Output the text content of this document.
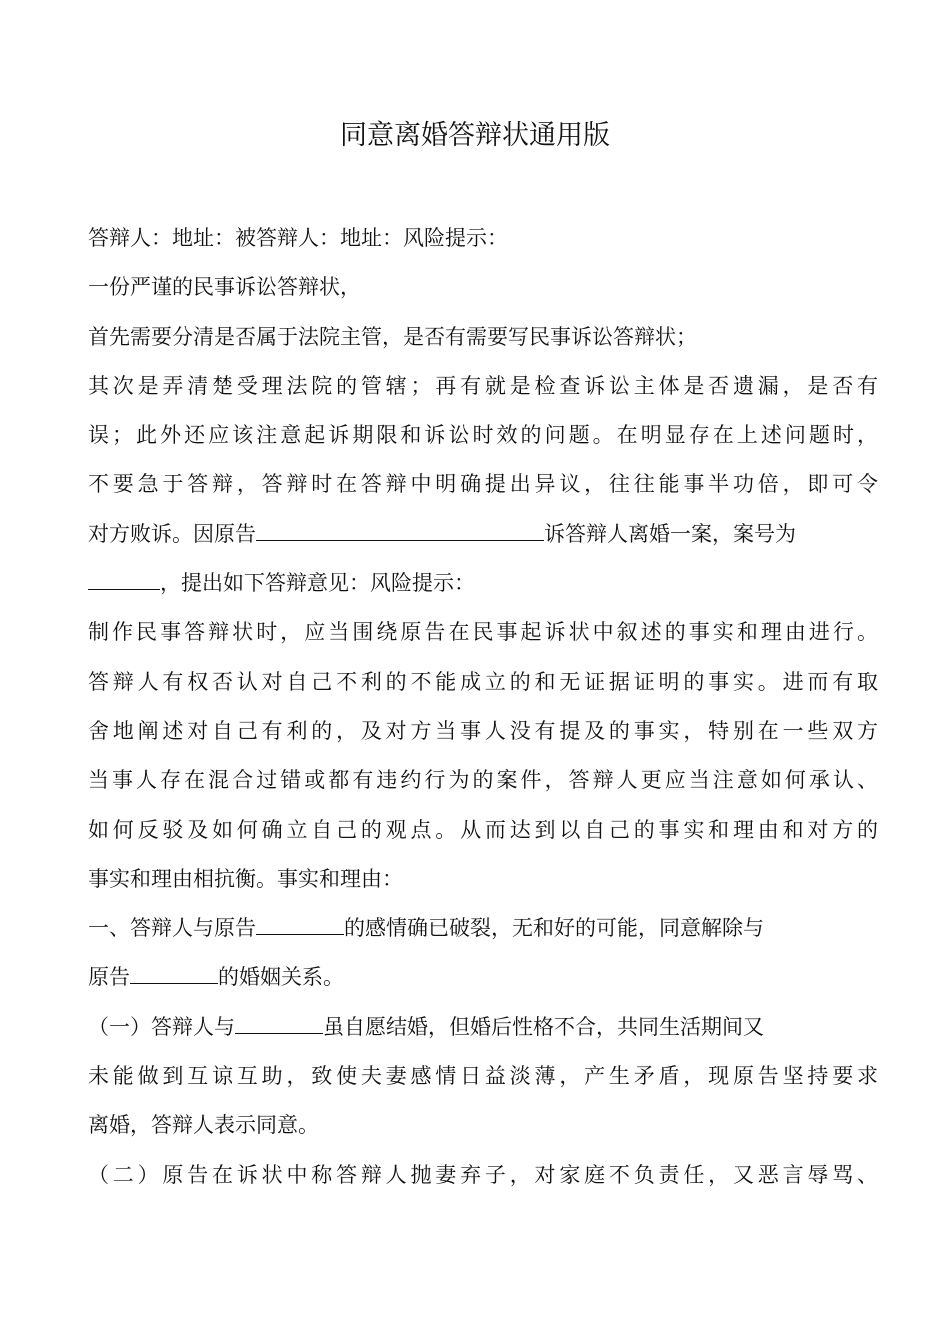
同意离婚答辩状通用版
答辩人：地址：被答辩人：地址：风险提示：
一份严谨的民事诉讼答辩状，
首先需要分清是否属于法院主管，是否有需要写民事诉讼答辩状；
其次是弄清楚受理法院的管辖；再有就是检查诉讼主体是否遗漏，是否有
误；此外还应该注意起诉期限和诉讼时效的问题。在明显存在上述问题时，
不要急于答辩，答辩时在答辩中明确提出异议，往往能事半功倍，即可令
对方败诉。因原告	诉答辩人离婚一案，案号为
，提出如下答辩意见：风险提示：
制作民事答辩状时，应当围绕原告在民事起诉状中叙述的事实和理由进行。
答辩人有权否认对自己不利的不能成立的和无证据证明的事实。进而有取
舍地阐述对自己有利的，及对方当事人没有提及的事实，特别在一些双方
当事人存在混合过错或都有违约行为的案件，答辩人更应当注意如何承认、
如何反驳及如何确立自己的观点。从而达到以自己的事实和理由和对方的
事实和理由相抗衡。事实和理由：
一、答辩人与原告	的感情确已破裂，无和好的可能，同意解除与
原告	的婚姻关系。
（一）答辩人与	虽自愿结婚，但婚后性格不合，共同生活期间又
未能做到互谅互助，致使夫妻感情日益淡薄，产生矛盾，现原告坚持要求
离婚，答辩人表示同意。
（二）原告在诉状中称答辩人抛妻弃子，对家庭不负责任，又恶言辱骂、
